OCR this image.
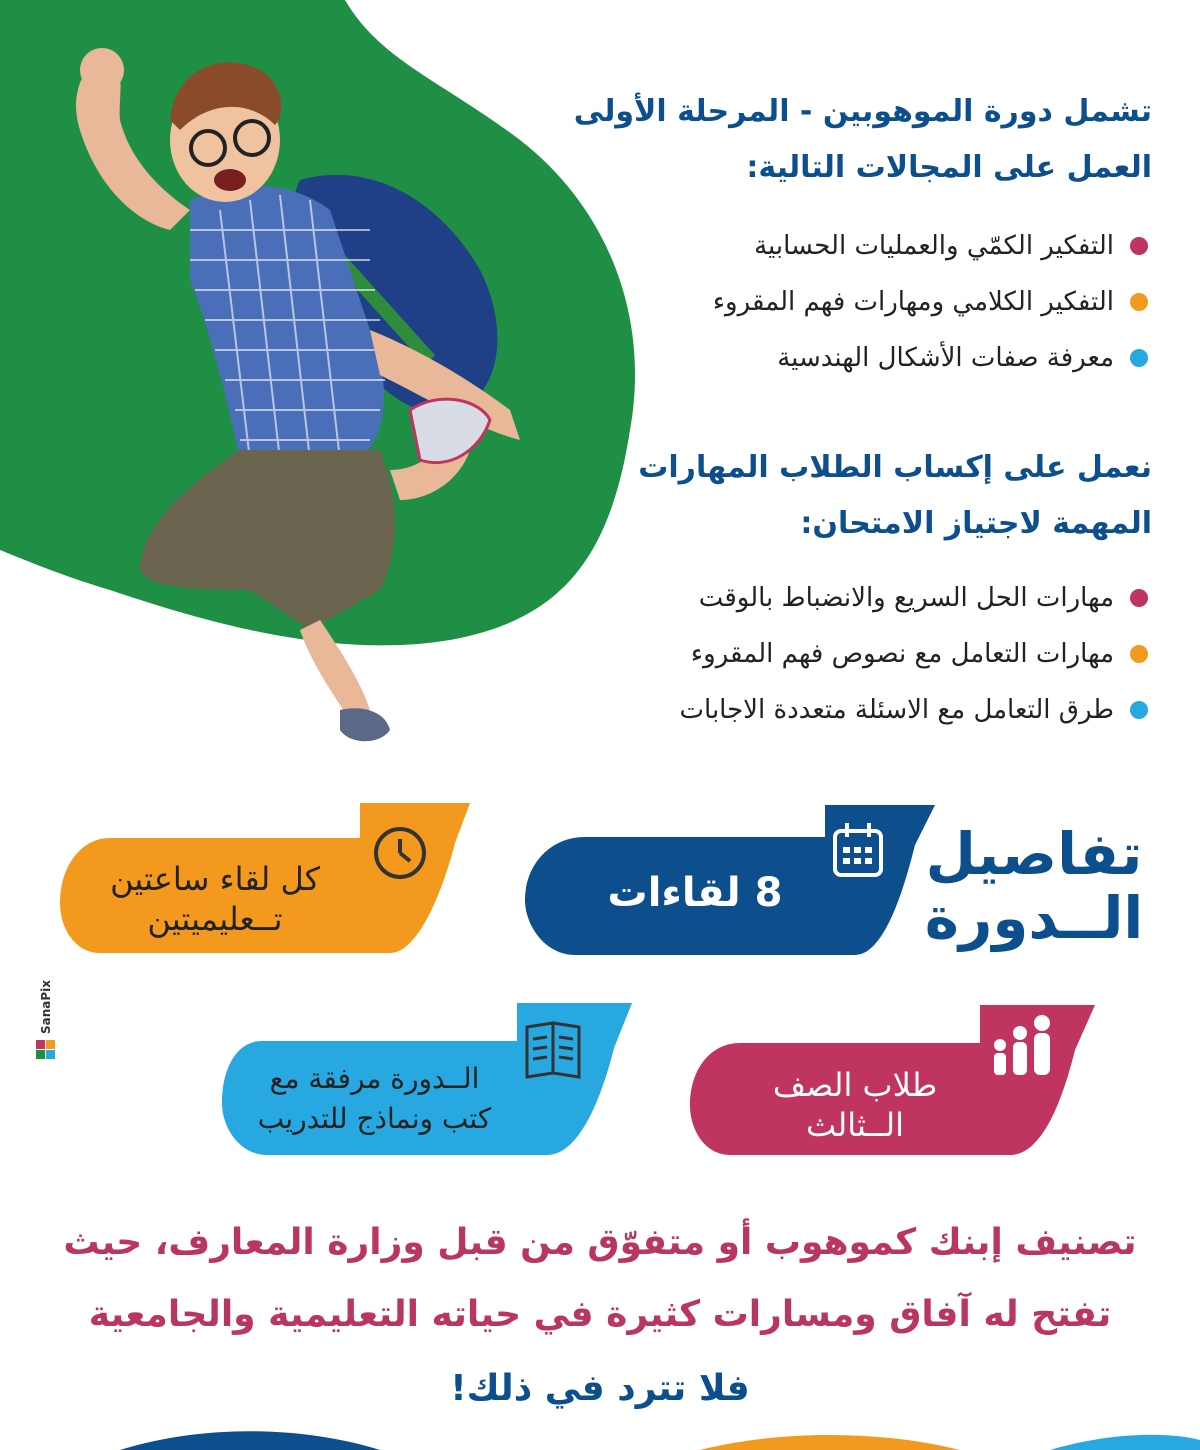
تشمل دورة الموهوبين - المرحلة الأولى
العمل على المجالات التالية:
التفكير الكمّي والعمليات الحسابية
التفكير الكلامي ومهارات فهم المقروء
معرفة صفات الأشكال الهندسية
نعمل على إكساب الطلاب المهارات
المهمة لاجتياز الامتحان:
مهارات الحل السريع والانضباط بالوقت
مهارات التعامل مع نصوص فهم المقروء
طرق التعامل مع الاسئلة متعددة الاجابات
تفاصيل
الــدورة
8 لقاءات
كل لقاء ساعتين
تــعليميتين
طلاب الصف
الــثالث
الــدورة مرفقة مع
كتب ونماذج للتدريب
تصنيف إبنك كموهوب أو متفوّق من قبل وزارة المعارف، حيث
تفتح له آفاق ومسارات كثيرة في حياته التعليمية والجامعية
فلا تترد في ذلك!
SanaPix
